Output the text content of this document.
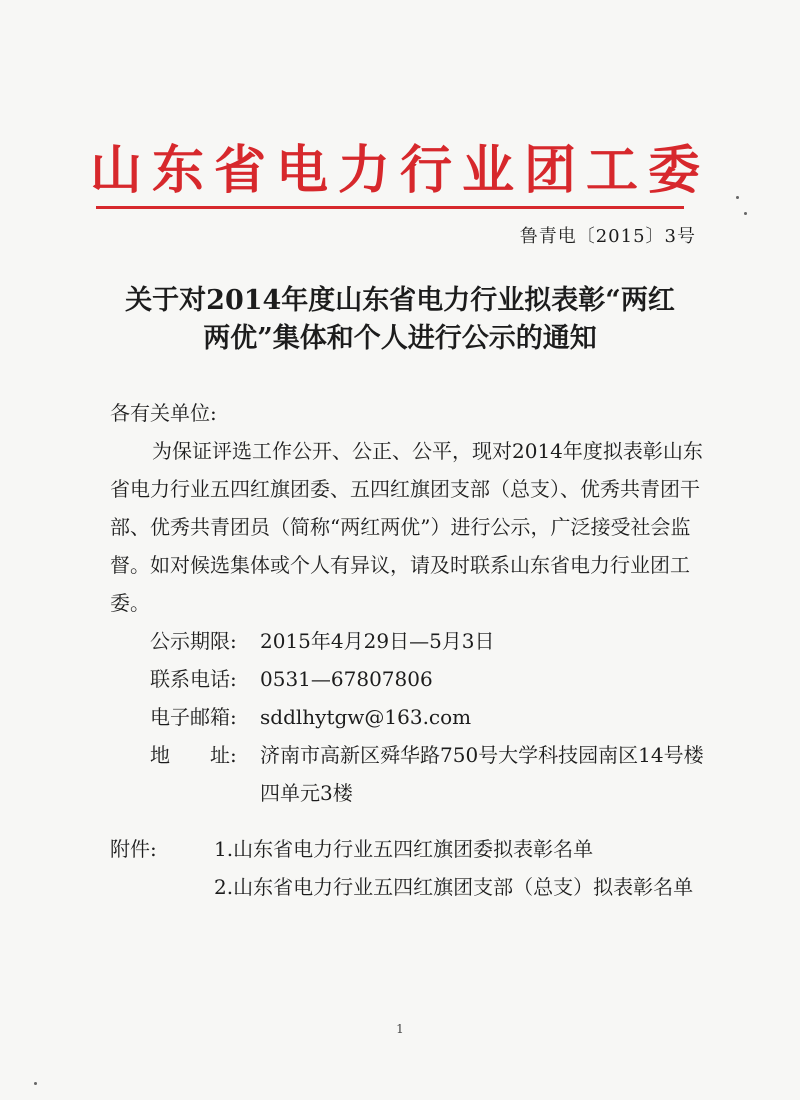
山东省电力行业团工委
鲁青电〔2015〕3号
关于对2014年度山东省电力行业拟表彰“两红
两优”集体和个人进行公示的通知

各有关单位:

为保证评选工作公开、公正、公平，现对2014年度拟表彰山东省电力行业五四红旗团委、五四红旗团支部（总支）、优秀共青团干部、优秀共青团员（简称“两红两优”）进行公示，广泛接受社会监督。如对候选集体或个人有异议，请及时联系山东省电力行业团工委。

公示期限:	2015年4月29日—5月3日
联系电话:	0531—67807806
电子邮箱:	sddlhytgw@163.com
地　　址:	济南市高新区舜华路750号大学科技园南区14号楼四单元3楼
附件:	1.山东省电力行业五四红旗团委拟表彰名单
2.山东省电力行业五四红旗团支部（总支）拟表彰名单
1
